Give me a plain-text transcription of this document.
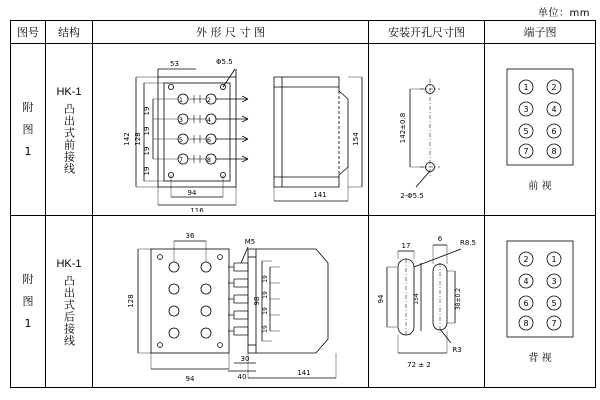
单位：mm
图号	结构	外 形 尺 寸 图	安装开孔尺寸图	端子图

附
图
1

HK-1
凸出式前接线

53	Φ5.5
142 128
19
19
19
19
94
116
154
141
1	2
3	4
5	6
7	8

142±0.8
2-Φ5.5

1	2
3	4
5	6
7	8
前 视

附
图
1

HK-1
凸出式后接线

36
128
94
M5
98
19
19
19
19
30
40	141

17
6	R8.5
94	154	38±0.2
R3
72 ± 2

2	1
4	3
6	5
8	7
背 视
